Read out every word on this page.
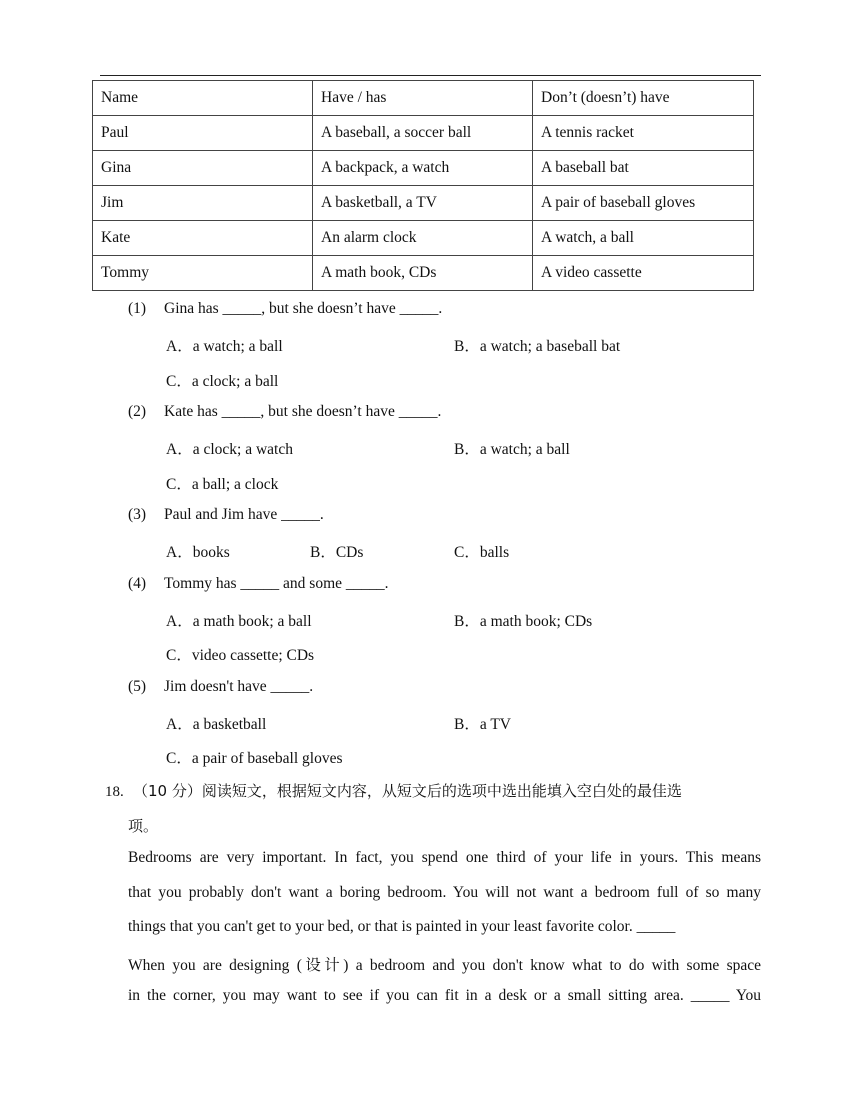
Name	Have / has	Don’t (doesn’t) have
Paul	A baseball, a soccer ball	A tennis racket
Gina	A backpack, a watch	A baseball bat
Jim	A basketball, a TV	A pair of baseball gloves
Kate	An alarm clock	A watch, a ball
Tommy	A math book, CDs	A video cassette
(1) Gina has _____, but she doesn’t have _____.
A．a watch; a ball	B．a watch; a baseball bat
C．a clock; a ball
(2) Kate has _____, but she doesn’t have _____.
A．a clock; a watch	B．a watch; a ball
C．a ball; a clock
(3) Paul and Jim have _____.
A．books	B．CDs	C．balls
(4) Tommy has _____ and some _____.
A．a math book; a ball	B．a math book; CDs
C．video cassette; CDs
(5) Jim doesn't have _____.
A．a basketball	B．a TV
C．a pair of baseball gloves
18. （10 分）阅读短文，根据短文内容，从短文后的选项中选出能填入空白处的最佳选
项。
Bedrooms are very important. In fact, you spend one third of your life in yours. This means
that you probably don't want a boring bedroom. You will not want a bedroom full of so many
things that you can't get to your bed, or that is painted in your least favorite color. _____
When you are designing (设计) a bedroom and you don't know what to do with some space
in the corner, you may want to see if you can fit in a desk or a small sitting area. _____ You
